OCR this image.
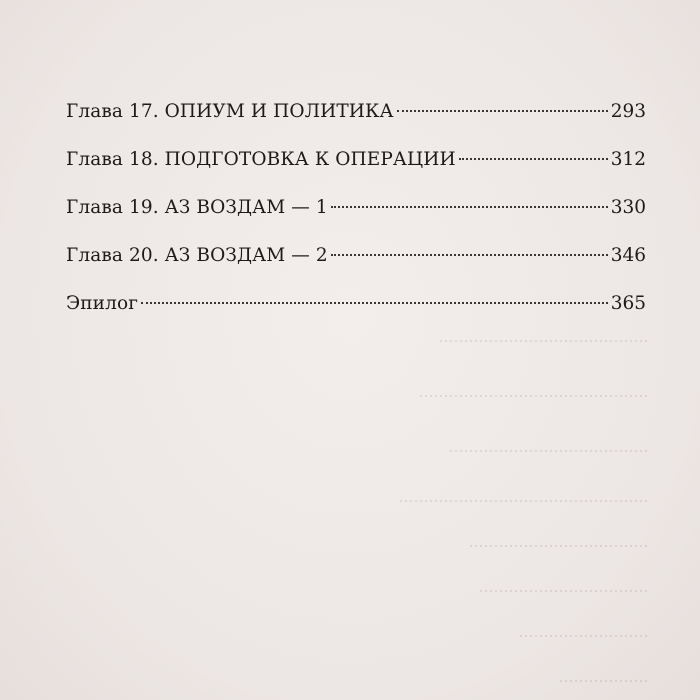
Глава 17. ОПИУМ И ПОЛИТИКА	293
Глава 18. ПОДГОТОВКА К ОПЕРАЦИИ	312
Глава 19. АЗ ВОЗДАМ — 1	330
Глава 20. АЗ ВОЗДАМ — 2	346
Эпилог	365
